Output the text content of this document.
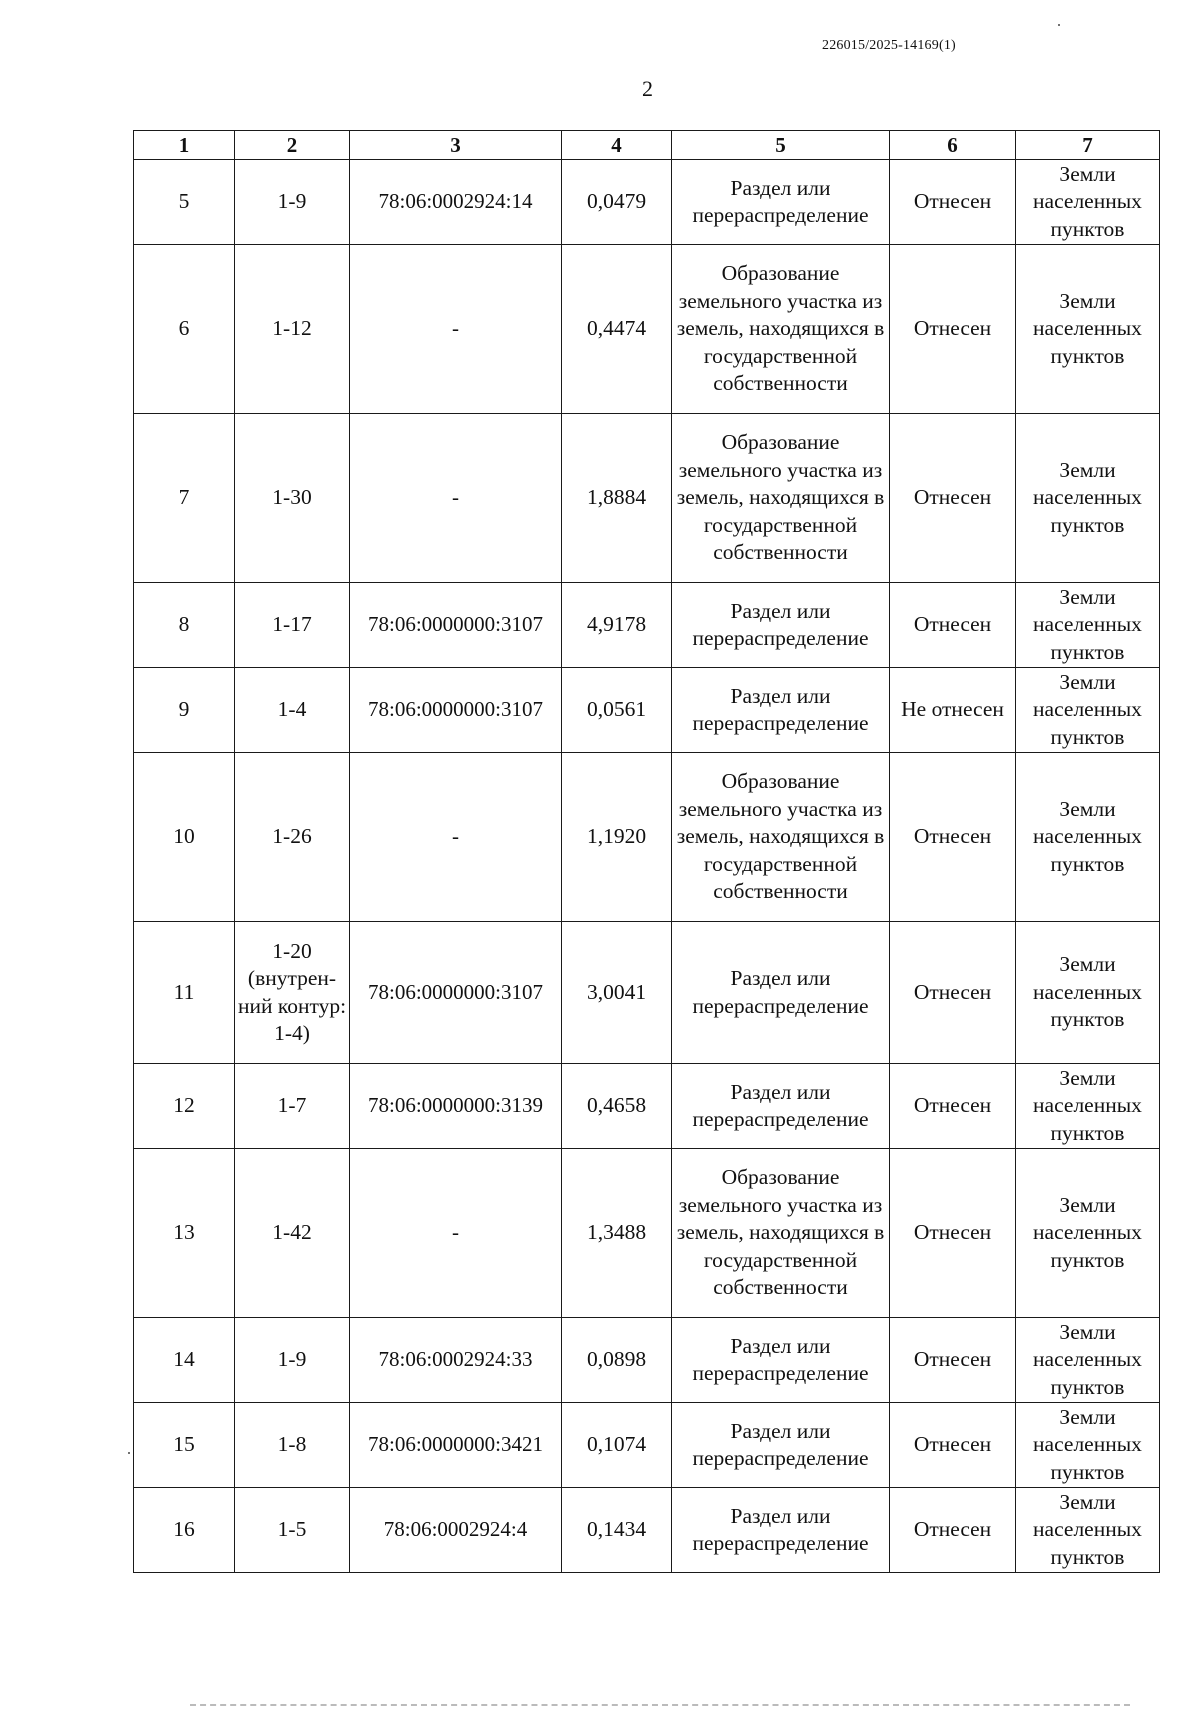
226015/2025-14169(1)
2
1	2	3	4	5	6	7
5	1-9	78:06:0002924:14	0,0479	Раздел или перераспределение	Отнесен	Земли населенных пунктов
6	1-12	-	0,4474	Образование земельного участка из земель, находящихся в государственной собственности	Отнесен	Земли населенных пунктов
7	1-30	-	1,8884	Образование земельного участка из земель, находящихся в государственной собственности	Отнесен	Земли населенных пунктов
8	1-17	78:06:0000000:3107	4,9178	Раздел или перераспределение	Отнесен	Земли населенных пунктов
9	1-4	78:06:0000000:3107	0,0561	Раздел или перераспределение	Не отнесен	Земли населенных пунктов
10	1-26	-	1,1920	Образование земельного участка из земель, находящихся в государственной собственности	Отнесен	Земли населенных пунктов
11	1-20 (внутрен-ний контур: 1-4)	78:06:0000000:3107	3,0041	Раздел или перераспределение	Отнесен	Земли населенных пунктов
12	1-7	78:06:0000000:3139	0,4658	Раздел или перераспределение	Отнесен	Земли населенных пунктов
13	1-42	-	1,3488	Образование земельного участка из земель, находящихся в государственной собственности	Отнесен	Земли населенных пунктов
14	1-9	78:06:0002924:33	0,0898	Раздел или перераспределение	Отнесен	Земли населенных пунктов
15	1-8	78:06:0000000:3421	0,1074	Раздел или перераспределение	Отнесен	Земли населенных пунктов
16	1-5	78:06:0002924:4	0,1434	Раздел или перераспределение	Отнесен	Земли населенных пунктов
